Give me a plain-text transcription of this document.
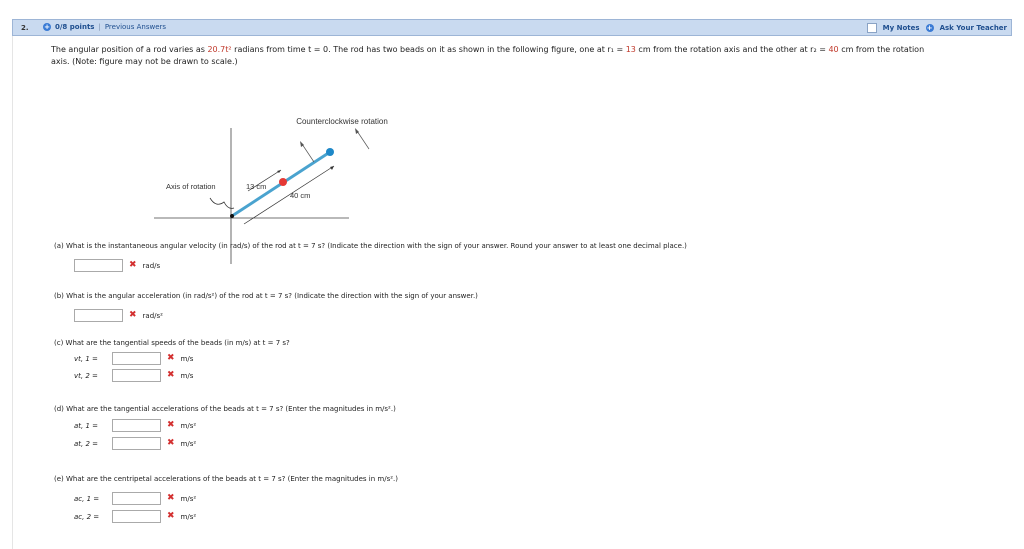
2. + 0/8 points | Previous Answers	My Notes + Ask Your Teacher
The angular position of a rod varies as 20.7t² radians from time t = 0. The rod has two beads on it as shown in the following figure, one at r₁ = 13 cm from the rotation axis and the other at r₂ = 40 cm from the rotation
axis. (Note: figure may not be drawn to scale.)
Counterclockwise rotation
Axis of rotation	13 cm
40 cm
(a) What is the instantaneous angular velocity (in rad/s) of the rod at t = 7 s? (Indicate the direction with the sign of your answer. Round your answer to at least one decimal place.)
✖ rad/s
(b) What is the angular acceleration (in rad/s²) of the rod at t = 7 s? (Indicate the direction with the sign of your answer.)
✖ rad/s²
(c) What are the tangential speeds of the beads (in m/s) at t = 7 s?
vt, 1 =	✖ m/s
vt, 2 =	✖ m/s
(d) What are the tangential accelerations of the beads at t = 7 s? (Enter the magnitudes in m/s².)
at, 1 =	✖ m/s²
at, 2 =	✖ m/s²
(e) What are the centripetal accelerations of the beads at t = 7 s? (Enter the magnitudes in m/s².)
ac, 1 =	✖ m/s²
ac, 2 =	✖ m/s²
